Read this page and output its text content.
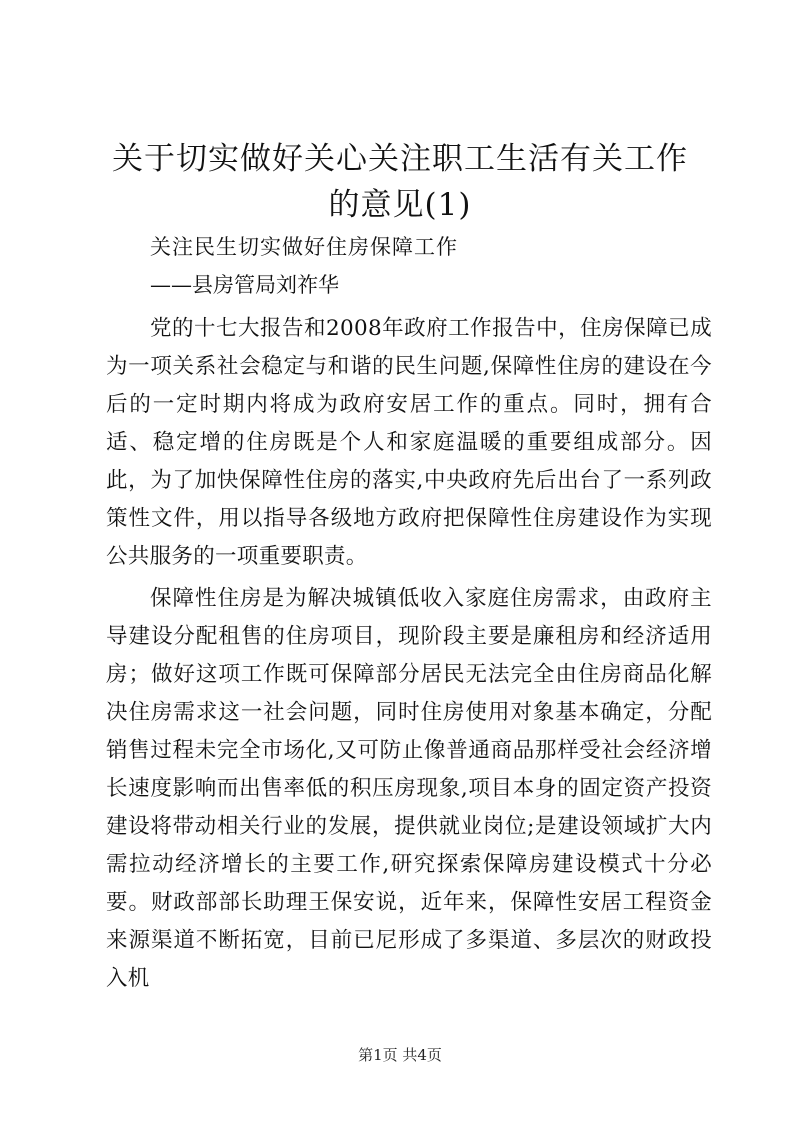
关于切实做好关心关注职工生活有关工作的意见(1)

关注民生切实做好住房保障工作

——县房管局刘祚华

党的十七大报告和2008年政府工作报告中，住房保障已成为一项关系社会稳定与和谐的民生问题,保障性住房的建设在今后的一定时期内将成为政府安居工作的重点。同时，拥有合适、稳定增的住房既是个人和家庭温暖的重要组成部分。因此，为了加快保障性住房的落实,中央政府先后出台了一系列政策性文件，用以指导各级地方政府把保障性住房建设作为实现公共服务的一项重要职责。

保障性住房是为解决城镇低收入家庭住房需求，由政府主导建设分配租售的住房项目，现阶段主要是廉租房和经济适用房；做好这项工作既可保障部分居民无法完全由住房商品化解决住房需求这一社会问题，同时住房使用对象基本确定，分配销售过程未完全市场化,又可防止像普通商品那样受社会经济增长速度影响而出售率低的积压房现象,项目本身的固定资产投资建设将带动相关行业的发展，提供就业岗位;是建设领域扩大内需拉动经济增长的主要工作,研究探索保障房建设模式十分必要。财政部部长助理王保安说，近年来，保障性安居工程资金来源渠道不断拓宽，目前已尼形成了多渠道、多层次的财政投入机

第1页 共4页
